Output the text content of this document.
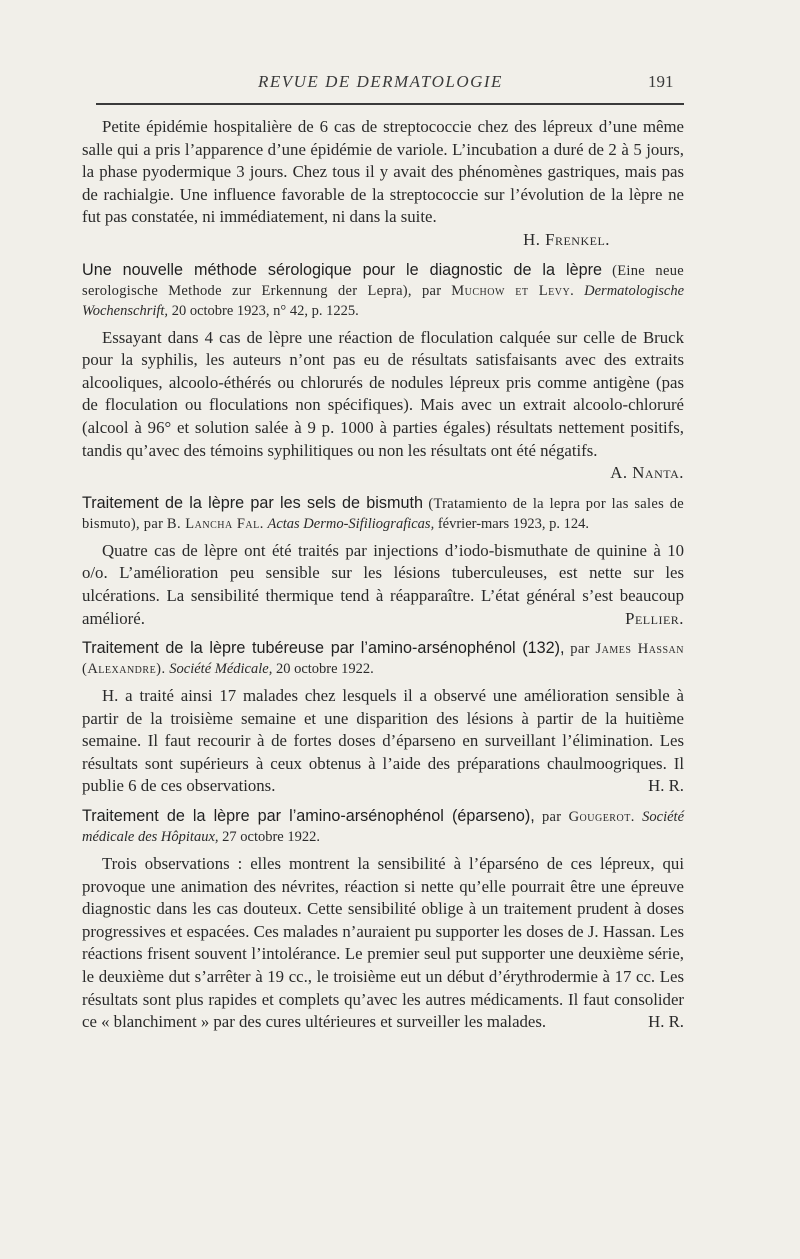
REVUE DE DERMATOLOGIE	191

Petite épidémie hospitalière de 6 cas de streptococcie chez des lépreux d’une même salle qui a pris l’apparence d’une épidémie de variole. L’incubation a duré de 2 à 5 jours, la phase pyodermique 3 jours. Chez tous il y avait des phénomènes gastriques, mais pas de rachialgie. Une influence favorable de la streptococcie sur l’évolution de la lèpre ne fut pas constatée, ni immédiatement, ni dans la suite.

H. Frenkel.

Une nouvelle méthode sérologique pour le diagnostic de la lèpre (Eine neue serologische Methode zur Erkennung der Lepra), par Muchow et Levy. Dermatologische Wochenschrift, 20 octobre 1923, n° 42, p. 1225.

Essayant dans 4 cas de lèpre une réaction de floculation calquée sur celle de Bruck pour la syphilis, les auteurs n’ont pas eu de résultats satisfaisants avec des extraits alcooliques, alcoolo-éthérés ou chlorurés de nodules lépreux pris comme antigène (pas de floculation ou floculations non spécifiques). Mais avec un extrait alcoolo-chloruré (alcool à 96° et solution salée à 9 p. 1000 à parties égales) résultats nettement positifs, tandis qu’avec des témoins syphilitiques ou non les résultats ont été négatifs.
A. Nanta.

Traitement de la lèpre par les sels de bismuth (Tratamiento de la lepra por las sales de bismuto), par B. Lancha Fal. Actas Dermo-Sifiliograficas, février-mars 1923, p. 124.

Quatre cas de lèpre ont été traités par injections d’iodo-bismuthate de quinine à 10 o/o. L’amélioration peu sensible sur les lésions tuberculeuses, est nette sur les ulcérations. La sensibilité thermique tend à réapparaître. L’état général s’est beaucoup amélioré.	Pellier.

Traitement de la lèpre tubéreuse par l’amino-arsénophénol (132), par James Hassan (Alexandre). Société Médicale, 20 octobre 1922.

H. a traité ainsi 17 malades chez lesquels il a observé une amélioration sensible à partir de la troisième semaine et une disparition des lésions à partir de la huitième semaine. Il faut recourir à de fortes doses d’éparseno en surveillant l’élimination. Les résultats sont supérieurs à ceux obtenus à l’aide des préparations chaulmoogriques. Il publie 6 de ces observations.	H. R.

Traitement de la lèpre par l’amino-arsénophénol (éparseno), par Gougerot. Société médicale des Hôpitaux, 27 octobre 1922.

Trois observations : elles montrent la sensibilité à l’éparséno de ces lépreux, qui provoque une animation des névrites, réaction si nette qu’elle pourrait être une épreuve diagnostic dans les cas douteux. Cette sensibilité oblige à un traitement prudent à doses progressives et espacées. Ces malades n’auraient pu supporter les doses de J. Hassan. Les réactions frisent souvent l’intolérance. Le premier seul put supporter une deuxième série, le deuxième dut s’arrêter à 19 cc., le troisième eut un début d’érythrodermie à 17 cc. Les résultats sont plus rapides et complets qu’avec les autres médicaments. Il faut consolider ce « blanchiment » par des cures ultérieures et surveiller les malades.	H. R.
